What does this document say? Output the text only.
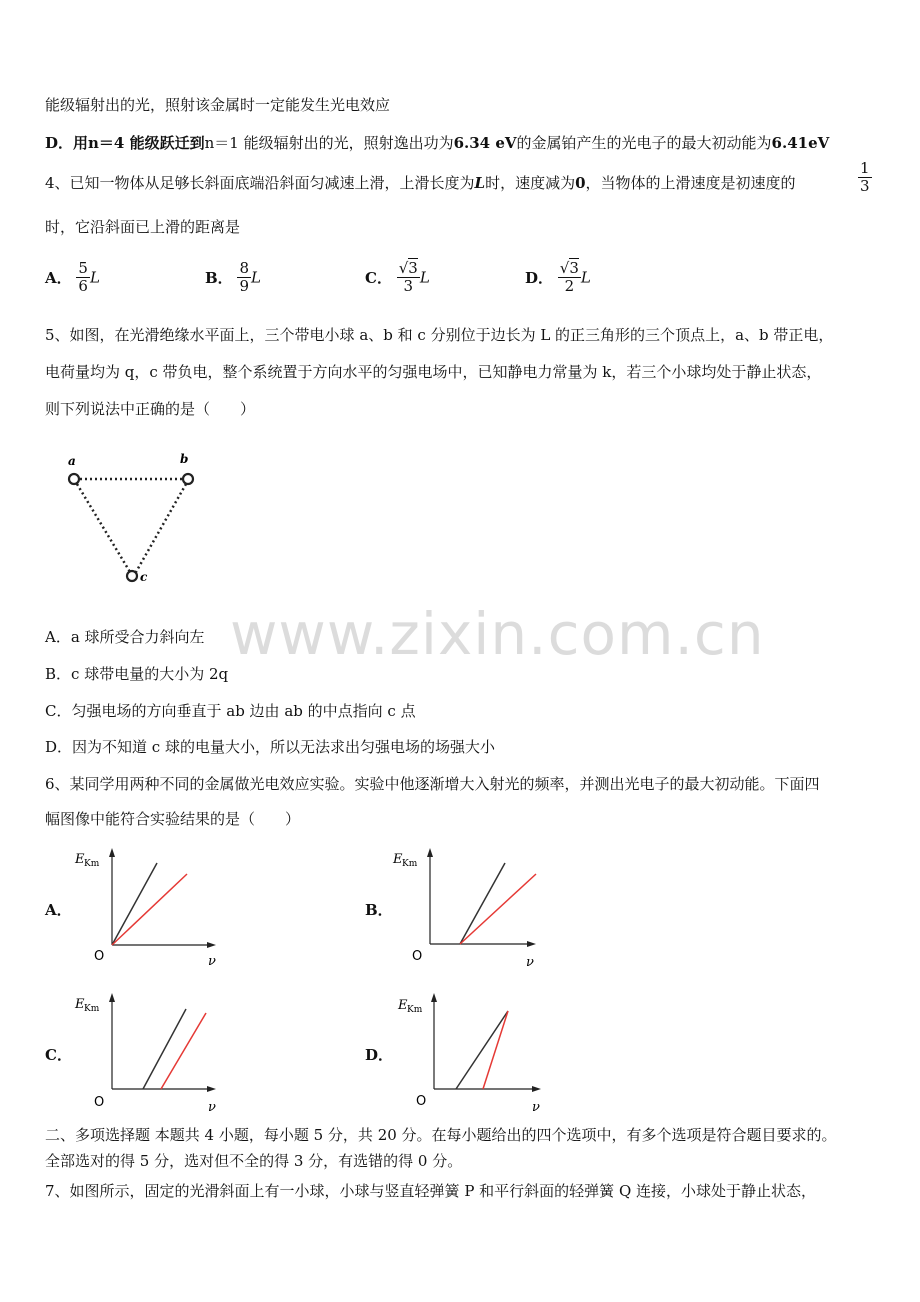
能级辐射出的光，照射该金属时一定能发生光电效应
D．用n＝4 能级跃迁到n＝1 能级辐射出的光，照射逸出功为6.34 eV的金属铂产生的光电子的最大初动能为6.41eV
4、已知一物体从足够长斜面底端沿斜面匀减速上滑，上滑长度为L时，速度减为0，当物体的上滑速度是初速度的	$\frac{1}{3}$
时，它沿斜面已上滑的距离是
A． $\frac{5}{6}$ L	B． $\frac{8}{9}$ L	C． √ $\frac{3}{3}$ L	D． √ $\frac{3}{2}$ L
5、如图，在光滑绝缘水平面上，三个带电小球 a、b 和 c 分别位于边长为 L 的正三角形的三个顶点上，a、b 带正电，
电荷量均为 q，c 带负电，整个系统置于方向水平的匀强电场中，已知静电力常量为 k，若三个小球均处于静止状态，
则下列说法中正确的是（　　）
a	b
c
A．a 球所受合力斜向左
B．c 球带电量的大小为 2q
C．匀强电场的方向垂直于 ab 边由 ab 的中点指向 c 点
D．因为不知道 c 球的电量大小，所以无法求出匀强电场的场强大小
www.zixin.com.cn
6、某同学用两种不同的金属做光电效应实验。实验中他逐渐增大入射光的频率，并测出光电子的最大初动能。下面四
幅图像中能符合实验结果的是（　　）
A．
E Km
O	ν
B．
E Km
O	ν
C．
E Km
O	ν
D．
E Km
O	ν
二、多项选择题 本题共 4 小题，每小题 5 分，共 20 分。在每小题给出的四个选项中，有多个选项是符合题目要求的。
全部选对的得 5 分，选对但不全的得 3 分，有选错的得 0 分。
7、如图所示，固定的光滑斜面上有一小球，小球与竖直轻弹簧 P 和平行斜面的轻弹簧 Q 连接，小球处于静止状态，
